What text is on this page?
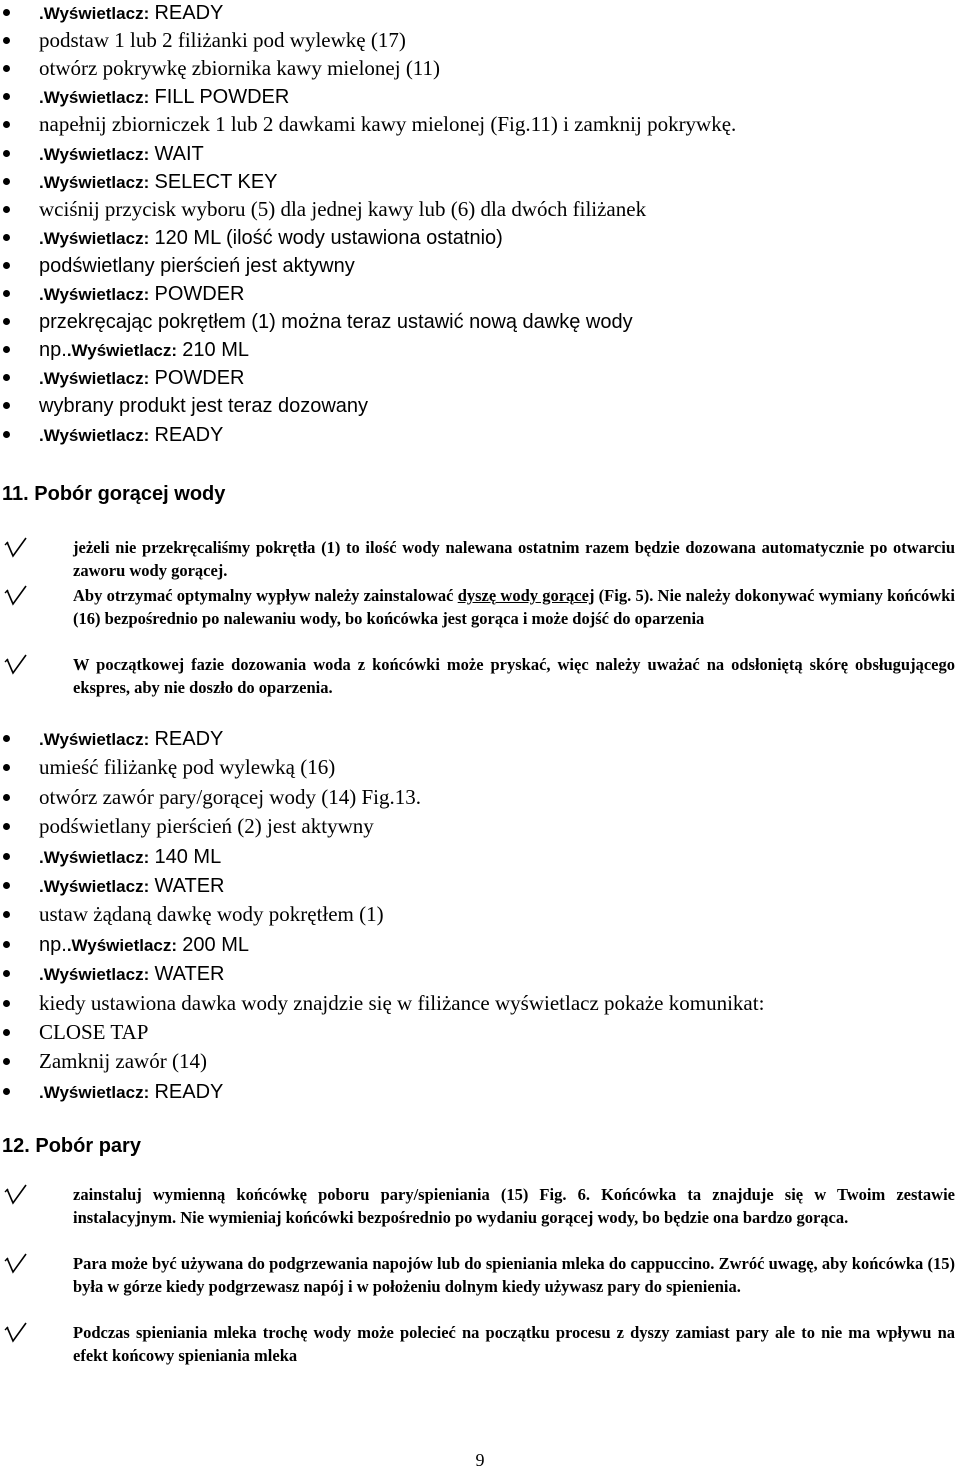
.Wyświetlacz: READY
podstaw 1 lub 2 filiżanki pod wylewkę (17)
otwórz pokrywkę zbiornika kawy mielonej (11)
.Wyświetlacz: FILL POWDER
napełnij zbiorniczek 1 lub 2 dawkami kawy mielonej (Fig.11) i zamknij pokrywkę.
.Wyświetlacz: WAIT
.Wyświetlacz: SELECT KEY
wciśnij przycisk wyboru (5) dla jednej kawy lub (6) dla dwóch filiżanek
.Wyświetlacz: 120 ML (ilość wody ustawiona ostatnio)
podświetlany pierścień jest aktywny
.Wyświetlacz: POWDER
przekręcając pokrętłem (1) można teraz ustawić nową dawkę wody
np..Wyświetlacz: 210 ML
.Wyświetlacz: POWDER
wybrany produkt jest teraz dozowany
.Wyświetlacz: READY
11. Pobór gorącej wody
jeżeli nie przekręcaliśmy pokrętła (1) to ilość wody nalewana ostatnim razem będzie dozowana automatycznie po otwarciu zaworu wody gorącej.
Aby otrzymać optymalny wypływ należy zainstalować dyszę wody gorącej (Fig. 5). Nie należy dokonywać wymiany końcówki (16) bezpośrednio po nalewaniu wody, bo końcówka jest gorąca i może dojść do oparzenia
W początkowej fazie dozowania woda z końcówki może pryskać, więc należy uważać na odsłoniętą skórę obsługującego ekspres, aby nie doszło do oparzenia.
.Wyświetlacz: READY
umieść filiżankę pod wylewką (16)
otwórz zawór pary/gorącej wody (14) Fig.13.
podświetlany pierścień (2) jest aktywny
.Wyświetlacz: 140 ML
.Wyświetlacz: WATER
ustaw żądaną dawkę wody pokrętłem (1)
np..Wyświetlacz: 200 ML
.Wyświetlacz: WATER
kiedy ustawiona dawka wody znajdzie się w filiżance wyświetlacz pokaże komunikat:
CLOSE TAP
Zamknij zawór (14)
.Wyświetlacz: READY
12. Pobór pary
zainstaluj wymienną końcówkę poboru pary/spieniania (15) Fig. 6. Końcówka ta znajduje się w Twoim zestawie instalacyjnym. Nie wymieniaj końcówki bezpośrednio po wydaniu gorącej wody, bo będzie ona bardzo gorąca.
Para może być używana do podgrzewania napojów lub do spieniania mleka do cappuccino. Zwróć uwagę, aby końcówka (15) była w górze kiedy podgrzewasz napój i w położeniu dolnym kiedy używasz pary do spienienia.
Podczas spieniania mleka trochę wody może polecieć na początku procesu z dyszy zamiast pary ale to nie ma wpływu na efekt końcowy spieniania mleka
9
